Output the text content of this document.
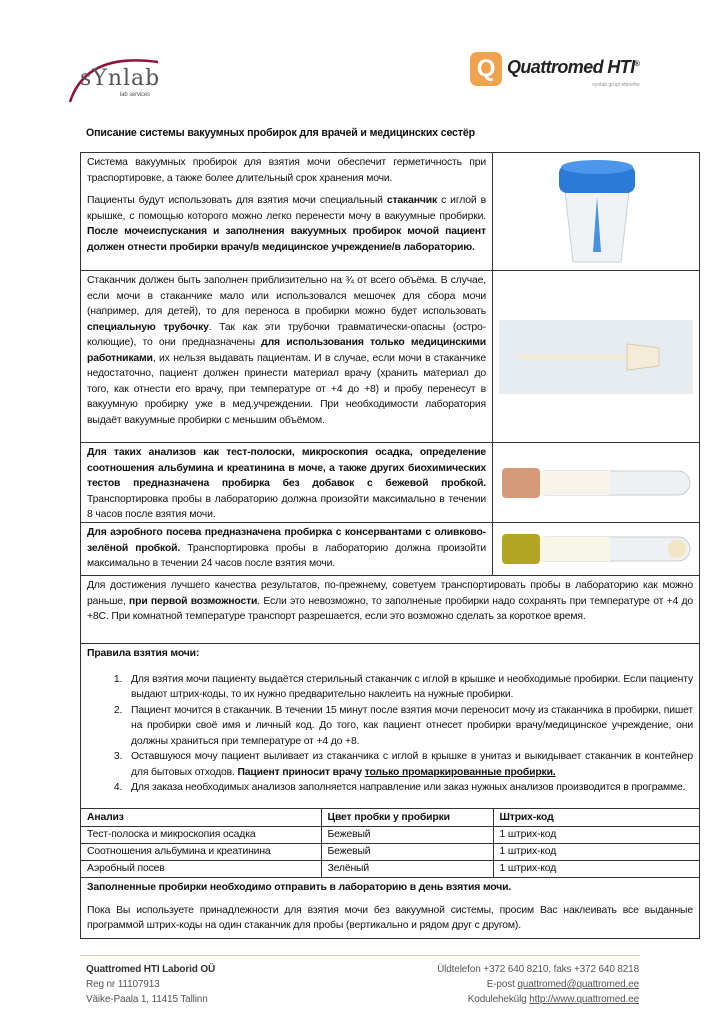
sYnlab
lab services
Q Quattromed HTI®
synlab grupi ettevõte
Описание системы вакуумных пробирок для врачей и медицинских сестёр

Система вакуумных пробирок для взятия мочи обеспечит герметичность при траспортировке, а также более длительный срок хранения мочи.

Пациенты будут использовать для взятия мочи специальный стаканчик с иглой в крышке, с помощью которого можно легко перенести мочу в вакуумные пробирки. После мочеиспускания и заполнения вакуумных пробирок мочой пациент должен отнести пробирки врачу/в медицинское учреждение/в лабораторию.

Стаканчик должен быть заполнен приблизительно на ¾ от всего объёма. В случае, если мочи в стаканчике мало или использовался мешочек для сбора мочи (например, для детей), то для переноса в пробирки можно будет использовать специальную трубочку. Так как эти трубочки травматически-опасны (остро-колющие), то они предназначены для использования только медицинскими работниками, их нельзя выдавать пациентам. И в случае, если мочи в стаканчике недостаточно, пациент должен принести материал врачу (хранить материал до того, как отнести его врачу, при температуре от +4 до +8) и пробу перенесут в вакуумную пробирку уже в мед.учреждении. При необходимости лаборатория выдаёт вакуумные пробирки с меньшим объёмом.
Для таких анализов как тест-полоски, микроскопия осадка, определение соотношения альбумина и креатинина в моче, а также других биохимических тестов предназначена пробирка без добавок с бежевой пробкой. Транспортировка пробы в лабораторию должна произойти максимально в течении 8 часов после взятия мочи.
Для аэробного посева предназначена пробирка с консервантами с оливково-зелёной пробкой. Транспортировка пробы в лабораторию должна произойти максимально в течении 24 часов после взятия мочи.
Для достижения лучшего качества результатов, по-прежнему, советуем транспортировать пробы в лабораторию как можно раньше, при первой возможности. Если это невозможно, то заполненые пробирки надо сохранять при температуре от +4 до +8C. При комнатной температуре транспорт разрешается, если это возможно сделать за короткое время.
Правила взятия мочи:
1. Для взятия мочи пациенту выдаётся стерильный стаканчик с иглой в крышке и необходимые пробирки. Если пациенту выдают штрих-коды, то их нужно предварительно наклеить на нужные пробирки.
2. Пациент мочится в стаканчик. В течении 15 минут после взятия мочи переносит мочу из стаканчика в пробирки, пишет на пробирки своё имя и личный код. До того, как пациент отнесет пробирки врачу/медицинское учреждение, они должны храниться при температуре от +4 до +8.
3. Оставшуюся мочу пациент выливает из стаканчика с иглой в крышке в унитаз и выкидывает стаканчик в контейнер для бытовых отходов. Пациент приносит врачу только промаркированные пробирки.
4. Для заказа необходимых анализов заполняется направление или заказ нужных анализов производится в программе.
Анализ	Цвет пробки у пробирки	Штрих-код
Тест-полоска и микроскопия осадка	Бежевый	1 штрих-код
Соотношения альбумина и креатинина	Бежевый	1 штрих-код
Аэробный посев	Зелёный	1 штрих-код

Заполненные пробирки необходимо отправить в лабораторию в день взятия мочи.

Пока Вы используете принадлежности для взятия мочи без вакуумной системы, просим Вас наклеивать все выданные программой штрих-коды на один стаканчик для пробы (вертикально и рядом друг с другом).

Quattromed HTI Laborid OÜ
Reg nr 11107913
Väike-Paala 1, 11415 Tallinn
Üldtelefon +372 640 8210, faks +372 640 8218
E-post quattromed@quattromed.ee
Kodulehekülg http://www.quattromed.ee
